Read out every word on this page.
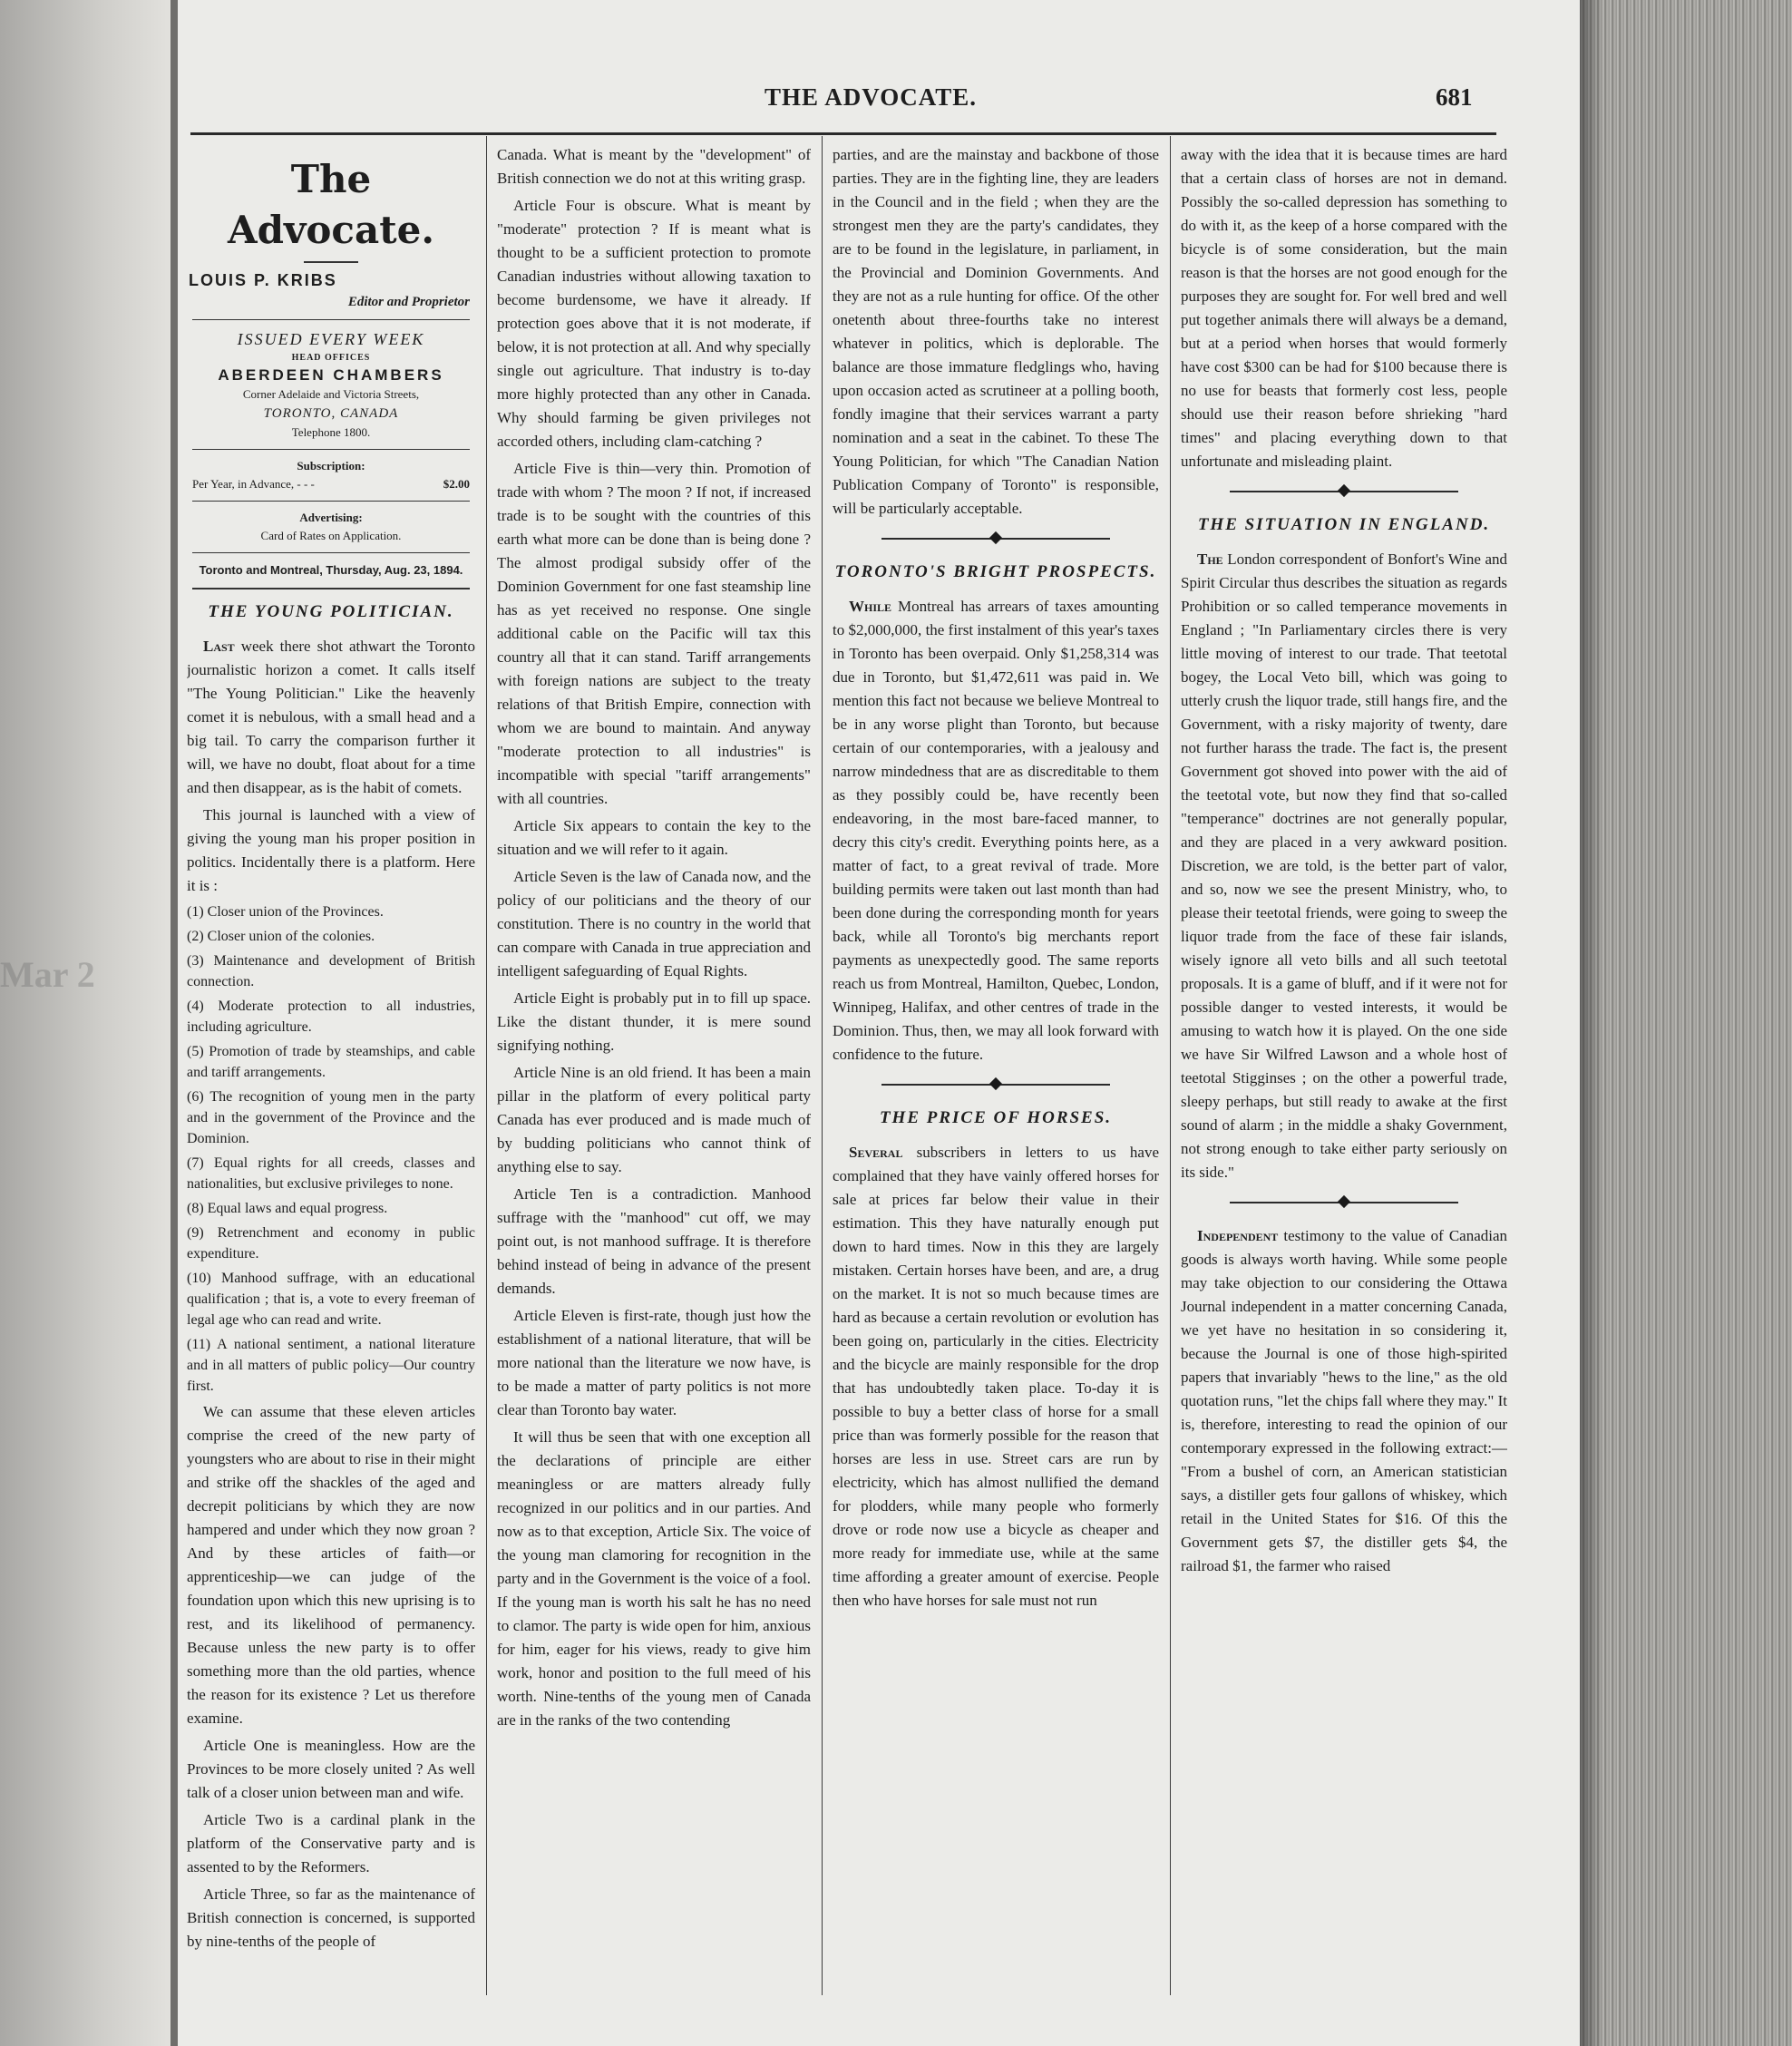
Mar 2
THE ADVOCATE.	681
The Advocate.
LOUIS P. KRIBS
Editor and Proprietor
ISSUED EVERY WEEK
HEAD OFFICES
ABERDEEN CHAMBERS
Corner Adelaide and Victoria Streets,
TORONTO, CANADA
Telephone 1800.
Subscription:
Per Year, in Advance, - - -	$2.00
Advertising:
Card of Rates on Application.
Toronto and Montreal, Thursday, Aug. 23, 1894.
THE YOUNG POLITICIAN.

Last week there shot athwart the Toronto journalistic horizon a comet. It calls itself "The Young Politician." Like the heavenly comet it is nebulous, with a small head and a big tail. To carry the comparison further it will, we have no doubt, float about for a time and then disappear, as is the habit of comets.

This journal is launched with a view of giving the young man his proper position in politics. Incidentally there is a platform. Here it is :

(1) Closer union of the Provinces.

(2) Closer union of the colonies.

(3) Maintenance and development of British connection.

(4) Moderate protection to all industries, including agriculture.

(5) Promotion of trade by steamships, and cable and tariff arrangements.

(6) The recognition of young men in the party and in the government of the Province and the Dominion.

(7) Equal rights for all creeds, classes and nationalities, but exclusive privileges to none.

(8) Equal laws and equal progress.

(9) Retrenchment and economy in public expenditure.

(10) Manhood suffrage, with an educational qualification ; that is, a vote to every freeman of legal age who can read and write.

(11) A national sentiment, a national literature and in all matters of public policy—Our country first.

We can assume that these eleven articles comprise the creed of the new party of youngsters who are about to rise in their might and strike off the shackles of the aged and decrepit politicians by which they are now hampered and under which they now groan ? And by these articles of faith—or apprenticeship—we can judge of the foundation upon which this new uprising is to rest, and its likelihood of permanency. Because unless the new party is to offer something more than the old parties, whence the reason for its existence ? Let us therefore examine.

Article One is meaningless. How are the Provinces to be more closely united ? As well talk of a closer union between man and wife.

Article Two is a cardinal plank in the platform of the Conservative party and is assented to by the Reformers.

Article Three, so far as the maintenance of British connection is concerned, is supported by nine-tenths of the people of

Canada. What is meant by the "development" of British connection we do not at this writing grasp.

Article Four is obscure. What is meant by "moderate" protection ? If is meant what is thought to be a sufficient protection to promote Canadian industries without allowing taxation to become burdensome, we have it already. If protection goes above that it is not moderate, if below, it is not protection at all. And why specially single out agriculture. That industry is to-day more highly protected than any other in Canada. Why should farming be given privileges not accorded others, including clam-catching ?

Article Five is thin—very thin. Promotion of trade with whom ? The moon ? If not, if increased trade is to be sought with the countries of this earth what more can be done than is being done ? The almost prodigal subsidy offer of the Dominion Government for one fast steamship line has as yet received no response. One single additional cable on the Pacific will tax this country all that it can stand. Tariff arrangements with foreign nations are subject to the treaty relations of that British Empire, connection with whom we are bound to maintain. And anyway "moderate protection to all industries" is incompatible with special "tariff arrangements" with all countries.

Article Six appears to contain the key to the situation and we will refer to it again.

Article Seven is the law of Canada now, and the policy of our politicians and the theory of our constitution. There is no country in the world that can compare with Canada in true appreciation and intelligent safeguarding of Equal Rights.

Article Eight is probably put in to fill up space. Like the distant thunder, it is mere sound signifying nothing.

Article Nine is an old friend. It has been a main pillar in the platform of every political party Canada has ever produced and is made much of by budding politicians who cannot think of anything else to say.

Article Ten is a contradiction. Manhood suffrage with the "manhood" cut off, we may point out, is not manhood suffrage. It is therefore behind instead of being in advance of the present demands.

Article Eleven is first-rate, though just how the establishment of a national literature, that will be more national than the literature we now have, is to be made a matter of party politics is not more clear than Toronto bay water.

It will thus be seen that with one exception all the declarations of principle are either meaningless or are matters already fully recognized in our politics and in our parties. And now as to that exception, Article Six. The voice of the young man clamoring for recognition in the party and in the Government is the voice of a fool. If the young man is worth his salt he has no need to clamor. The party is wide open for him, anxious for him, eager for his views, ready to give him work, honor and position to the full meed of his worth. Nine-tenths of the young men of Canada are in the ranks of the two contending

parties, and are the mainstay and backbone of those parties. They are in the fighting line, they are leaders in the Council and in the field ; when they are the strongest men they are the party's candidates, they are to be found in the legislature, in parliament, in the Provincial and Dominion Governments. And they are not as a rule hunting for office. Of the other onetenth about three-fourths take no interest whatever in politics, which is deplorable. The balance are those immature fledglings who, having upon occasion acted as scrutineer at a polling booth, fondly imagine that their services warrant a party nomination and a seat in the cabinet. To these The Young Politician, for which "The Canadian Nation Publication Company of Toronto" is responsible, will be particularly acceptable.

TORONTO'S BRIGHT PROSPECTS.

While Montreal has arrears of taxes amounting to $2,000,000, the first instalment of this year's taxes in Toronto has been overpaid. Only $1,258,314 was due in Toronto, but $1,472,611 was paid in. We mention this fact not because we believe Montreal to be in any worse plight than Toronto, but because certain of our contemporaries, with a jealousy and narrow mindedness that are as discreditable to them as they possibly could be, have recently been endeavoring, in the most bare-faced manner, to decry this city's credit. Everything points here, as a matter of fact, to a great revival of trade. More building permits were taken out last month than had been done during the corresponding month for years back, while all Toronto's big merchants report payments as unexpectedly good. The same reports reach us from Montreal, Hamilton, Quebec, London, Winnipeg, Halifax, and other centres of trade in the Dominion. Thus, then, we may all look forward with confidence to the future.

THE PRICE OF HORSES.

Several subscribers in letters to us have complained that they have vainly offered horses for sale at prices far below their value in their estimation. This they have naturally enough put down to hard times. Now in this they are largely mistaken. Certain horses have been, and are, a drug on the market. It is not so much because times are hard as because a certain revolution or evolution has been going on, particularly in the cities. Electricity and the bicycle are mainly responsible for the drop that has undoubtedly taken place. To-day it is possible to buy a better class of horse for a small price than was formerly possible for the reason that horses are less in use. Street cars are run by electricity, which has almost nullified the demand for plodders, while many people who formerly drove or rode now use a bicycle as cheaper and more ready for immediate use, while at the same time affording a greater amount of exercise. People then who have horses for sale must not run

away with the idea that it is because times are hard that a certain class of horses are not in demand. Possibly the so-called depression has something to do with it, as the keep of a horse compared with the bicycle is of some consideration, but the main reason is that the horses are not good enough for the purposes they are sought for. For well bred and well put together animals there will always be a demand, but at a period when horses that would formerly have cost $300 can be had for $100 because there is no use for beasts that formerly cost less, people should use their reason before shrieking "hard times" and placing everything down to that unfortunate and misleading plaint.

THE SITUATION IN ENGLAND.

The London correspondent of Bonfort's Wine and Spirit Circular thus describes the situation as regards Prohibition or so called temperance movements in England ; "In Parliamentary circles there is very little moving of interest to our trade. That teetotal bogey, the Local Veto bill, which was going to utterly crush the liquor trade, still hangs fire, and the Government, with a risky majority of twenty, dare not further harass the trade. The fact is, the present Government got shoved into power with the aid of the teetotal vote, but now they find that so-called "temperance" doctrines are not generally popular, and they are placed in a very awkward position. Discretion, we are told, is the better part of valor, and so, now we see the present Ministry, who, to please their teetotal friends, were going to sweep the liquor trade from the face of these fair islands, wisely ignore all veto bills and all such teetotal proposals. It is a game of bluff, and if it were not for possible danger to vested interests, it would be amusing to watch how it is played. On the one side we have Sir Wilfred Lawson and a whole host of teetotal Stigginses ; on the other a powerful trade, sleepy perhaps, but still ready to awake at the first sound of alarm ; in the middle a shaky Government, not strong enough to take either party seriously on its side."

Independent testimony to the value of Canadian goods is always worth having. While some people may take objection to our considering the Ottawa Journal independent in a matter concerning Canada, we yet have no hesitation in so considering it, because the Journal is one of those high-spirited papers that invariably "hews to the line," as the old quotation runs, "let the chips fall where they may." It is, therefore, interesting to read the opinion of our contemporary expressed in the following extract:— "From a bushel of corn, an American statistician says, a distiller gets four gallons of whiskey, which retail in the United States for $16. Of this the Government gets $7, the distiller gets $4, the railroad $1, the farmer who raised
